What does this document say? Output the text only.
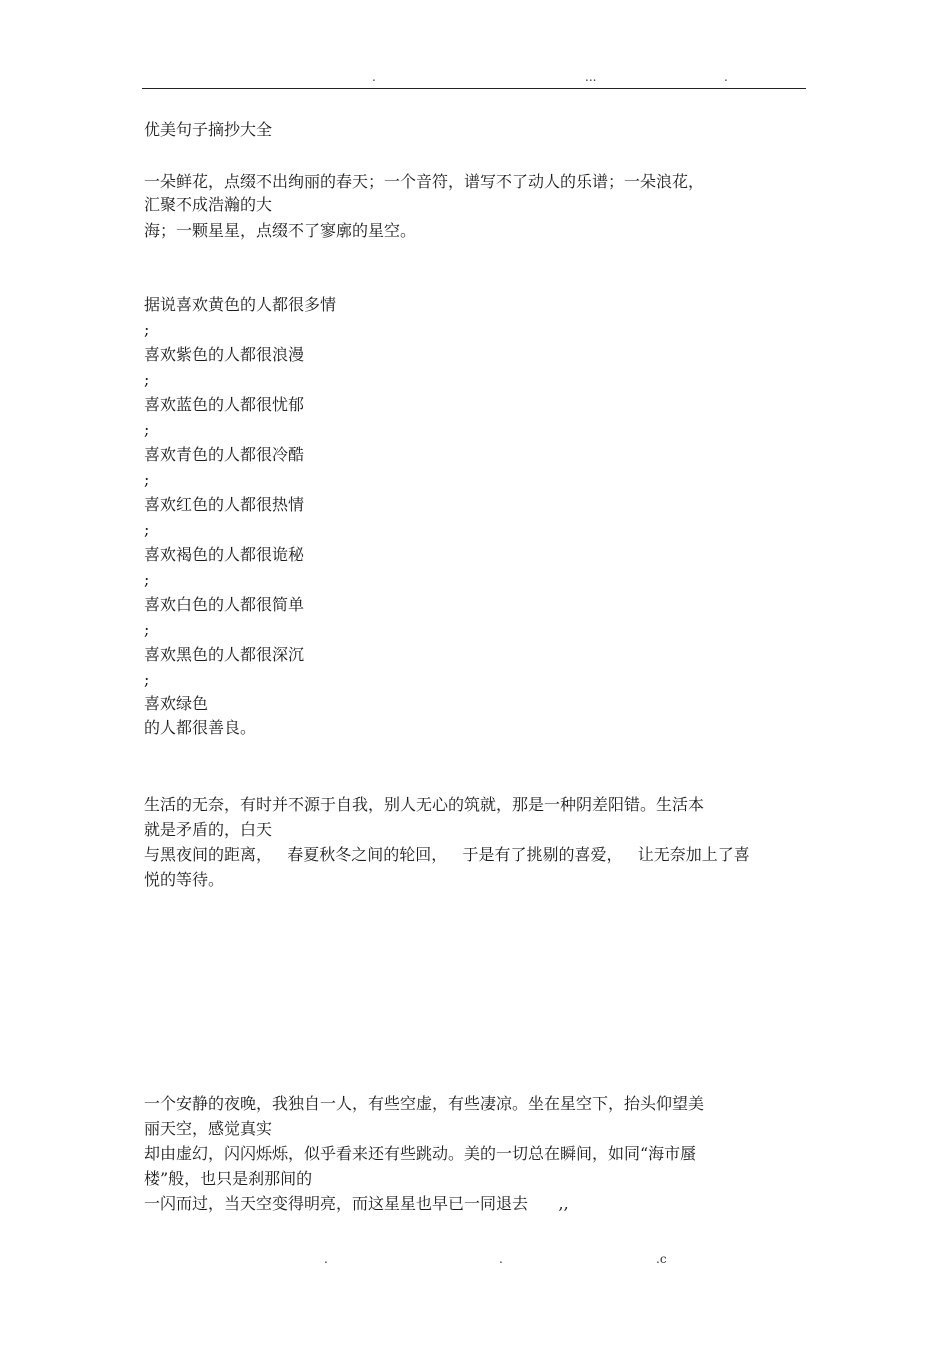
.	...	.
优美句子摘抄大全
一朵鲜花，点缀不出绚丽的春天；一个音符，谱写不了动人的乐谱；一朵浪花，
汇聚不成浩瀚的大
海；一颗星星，点缀不了寥廓的星空。
据说喜欢黄色的人都很多情
;
喜欢紫色的人都很浪漫
;
喜欢蓝色的人都很忧郁
;
喜欢青色的人都很冷酷
;
喜欢红色的人都很热情
;
喜欢褐色的人都很诡秘
;
喜欢白色的人都很简单
;
喜欢黑色的人都很深沉
;
喜欢绿色
的人都很善良。
生活的无奈，有时并不源于自我，别人无心的筑就，那是一种阴差阳错。生活本
就是矛盾的，白天
与黑夜间的距离，   春夏秋冬之间的轮回，   于是有了挑剔的喜爱，   让无奈加上了喜
悦的等待。
一个安静的夜晚，我独自一人，有些空虚，有些凄凉。坐在星空下，抬头仰望美
丽天空，感觉真实
却由虚幻，闪闪烁烁，似乎看来还有些跳动。美的一切总在瞬间，如同“海市蜃
楼”般，也只是刹那间的
一闪而过，当天空变得明亮，而这星星也早已一同退去      ,,
.	.	.c
